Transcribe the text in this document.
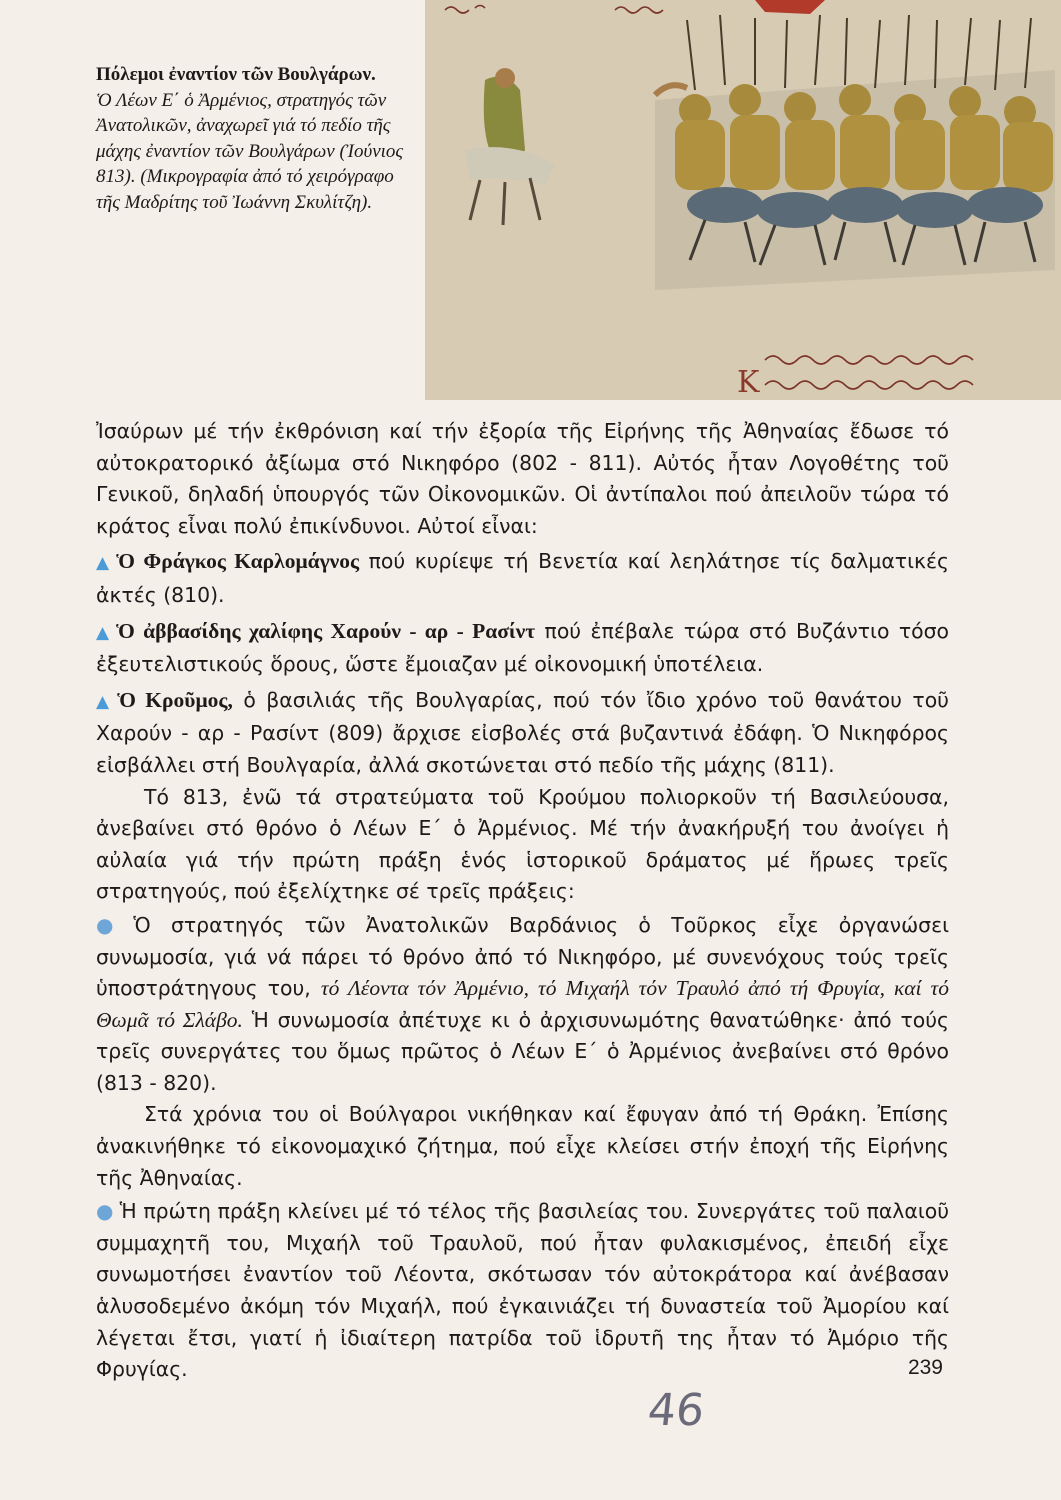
Πόλεμοι ἐναντίον τῶν Βουλγάρων.
Ὁ Λέων Ε΄ ὁ Ἀρμένιος, στρατηγός τῶν Ἀνατολικῶν, ἀναχωρεῖ γιά τό πεδίο τῆς μάχης ἐναντίον τῶν Βουλγάρων (Ἰούνιος 813). (Μικρογραφία ἀπό τό χειρόγραφο τῆς Μαδρίτης τοῦ Ἰωάννη Σκυλίτζη).
K

Ἰσαύρων μέ τήν ἐκθρόνιση καί τήν ἐξορία τῆς Εἰρήνης τῆς Ἀθηναίας ἔδωσε τό αὐτοκρατορικό ἀξίωμα στό Νικηφόρο (802 - 811). Αὐτός ἦταν Λογοθέτης τοῦ Γενικοῦ, δηλαδή ὑπουργός τῶν Οἰκονομικῶν. Οἱ ἀντίπαλοι πού ἀπειλοῦν τώρα τό κράτος εἶναι πολύ ἐπικίνδυνοι. Αὐτοί εἶναι:

▲ Ὁ Φράγκος Καρλομάγνος πού κυρίεψε τή Βενετία καί λεηλάτησε τίς δαλματικές ἀκτές (810).

▲ Ὁ ἀββασίδης χαλίφης Χαρούν - αρ - Ρασίντ πού ἐπέβαλε τώρα στό Βυζάντιο τόσο ἐξευτελιστικούς ὅρους, ὥστε ἔμοιαζαν μέ οἰκονομική ὑποτέλεια.

▲ Ὁ Κροῦμος, ὁ βασιλιάς τῆς Βουλγαρίας, πού τόν ἴδιο χρόνο τοῦ θανάτου τοῦ Χαρούν - αρ - Ρασίντ (809) ἄρχισε εἰσβολές στά βυζαντινά ἐδάφη. Ὁ Νικηφόρος εἰσβάλλει στή Βουλγαρία, ἀλλά σκοτώνεται στό πεδίο τῆς μάχης (811).

Τό 813, ἐνῶ τά στρατεύματα τοῦ Κρούμου πολιορκοῦν τή Βασιλεύουσα, ἀνεβαίνει στό θρόνο ὁ Λέων Ε΄ ὁ Ἀρμένιος. Μέ τήν ἀνακήρυξή του ἀνοίγει ἡ αὐλαία γιά τήν πρώτη πράξη ἑνός ἱστορικοῦ δράματος μέ ἥρωες τρεῖς στρατηγούς, πού ἐξελίχτηκε σέ τρεῖς πράξεις:

● Ὁ στρατηγός τῶν Ἀνατολικῶν Βαρδάνιος ὁ Τοῦρκος εἶχε ὀργανώσει συνωμοσία, γιά νά πάρει τό θρόνο ἀπό τό Νικηφόρο, μέ συνενόχους τούς τρεῖς ὑποστράτηγους του, τό Λέοντα τόν Ἀρμένιο, τό Μιχαήλ τόν Τραυλό ἀπό τή Φρυγία, καί τό Θωμᾶ τό Σλάβο. Ἡ συνωμοσία ἀπέτυχε κι ὁ ἀρχισυνωμότης θανατώθηκε· ἀπό τούς τρεῖς συνεργάτες του ὅμως πρῶτος ὁ Λέων Ε΄ ὁ Ἀρμένιος ἀνεβαίνει στό θρόνο (813 - 820).

Στά χρόνια του οἱ Βούλγαροι νικήθηκαν καί ἔφυγαν ἀπό τή Θράκη. Ἐπίσης ἀνακινήθηκε τό εἰκονομαχικό ζήτημα, πού εἶχε κλείσει στήν ἐποχή τῆς Εἰρήνης τῆς Ἀθηναίας.

● Ἡ πρώτη πράξη κλείνει μέ τό τέλος τῆς βασιλείας του. Συνεργάτες τοῦ παλαιοῦ συμμαχητῆ του, Μιχαήλ τοῦ Τραυλοῦ, πού ἦταν φυλακισμένος, ἐπειδή εἶχε συνωμοτήσει ἐναντίον τοῦ Λέοντα, σκότωσαν τόν αὐτοκράτορα καί ἀνέβασαν ἁλυσοδεμένο ἀκόμη τόν Μιχαήλ, πού ἐγκαινιάζει τή δυναστεία τοῦ Ἀμορίου καί λέγεται ἔτσι, γιατί ἡ ἰδιαίτερη πατρίδα τοῦ ἱδρυτῆ της ἦταν τό Ἀμόριο τῆς Φρυγίας.	239
46
